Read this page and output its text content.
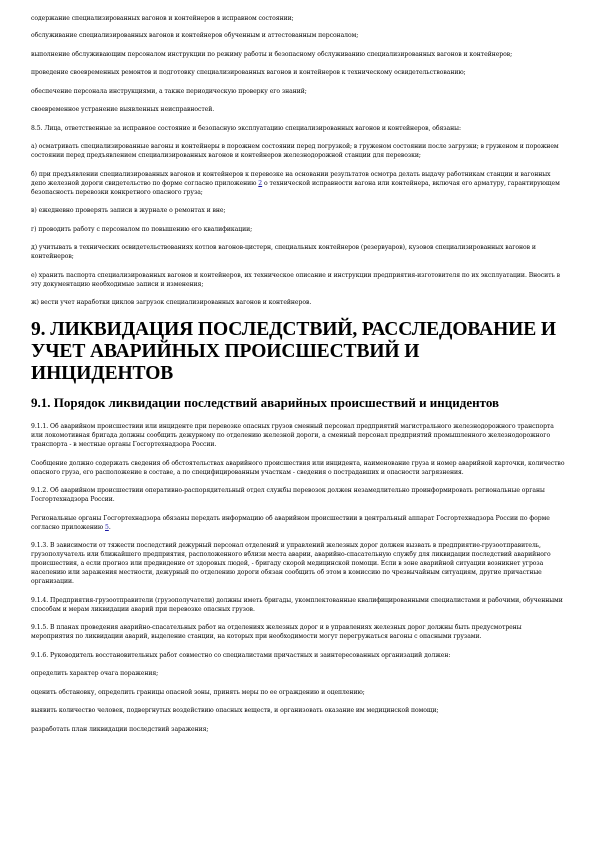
содержание специализированных вагонов и контейнеров в исправном состоянии;

обслуживание специализированных вагонов и контейнеров обученным и аттестованным персоналом;

выполнение обслуживающим персоналом инструкции по режиму работы и безопасному обслуживанию специализированных вагонов и контейнеров;

проведение своевременных ремонтов и подготовку специализированных вагонов и контейнеров к техническому освидетельствованию;

обеспечение персонала инструкциями, а также периодическую проверку его знаний;

своевременное устранение выявленных неисправностей.

8.5. Лица, ответственные за исправное состояние и безопасную эксплуатацию специализированных вагонов и контейнеров, обязаны:

а) осматривать специализированные вагоны и контейнеры в порожнем состоянии перед погрузкой; в груженом состоянии после загрузки; в груженом и порожнем состоянии перед предъявлением специализированных вагонов и контейнеров железнодорожной станции для перевозки;

б) при предъявлении специализированных вагонов и контейнеров к перевозке на основании результатов осмотра делать выдачу работникам станции и вагонных депо железной дороги свидетельство по форме согласно приложению 2 о технической исправности вагона или контейнера, включая его арматуру, гарантирующем безопасность перевозки конкретного опасного груза;

в) ежедневно проверять записи в журнале о ремонтах и вне;

г) проводить работу с персоналом по повышению его квалификации;

д) учитывать в технических освидетельствованиях котлов вагонов-цистерн, специальных контейнеров (резервуаров), кузовов специализированных вагонов и контейнеров;

е) хранить паспорта специализированных вагонов и контейнеров, их техническое описание и инструкции предприятия-изготовителя по их эксплуатации. Вносить в эту документацию необходимые записи и изменения;

ж) вести учет наработки циклов загрузок специализированных вагонов и контейнеров.

9. ЛИКВИДАЦИЯ ПОСЛЕДСТВИЙ, РАССЛЕДОВАНИЕ И УЧЕТ АВАРИЙНЫХ ПРОИСШЕСТВИЙ И ИНЦИДЕНТОВ
9.1. Порядок ликвидации последствий аварийных происшествий и инцидентов

9.1.1. Об аварийном происшествии или инциденте при перевозке опасных грузов сменный персонал предприятий магистрального железнодорожного транспорта или локомотивная бригада должны сообщить дежурному по отделению железной дороги, а сменный персонал предприятий промышленного железнодорожного транспорта - в местные органы Госгортехнадзора России.

Сообщение должно содержать сведения об обстоятельствах аварийного происшествия или инцидента, наименование груза и номер аварийной карточки, количество опасного груза, его расположение в составе, а по специфицированным участкам - сведения о пострадавших и опасности загрязнения.

9.1.2. Об аварийном происшествии оперативно-распорядительный отдел службы перевозок должен незамедлительно проинформировать региональные органы Госгортехнадзора России.

Региональные органы Госгортехнадзора обязаны передать информацию об аварийном происшествии в центральный аппарат Госгортехнадзора России по форме согласно приложению 5.

9.1.3. В зависимости от тяжести последствий дежурный персонал отделений и управлений железных дорог должен вызвать в предприятие-грузоотправитель, грузополучатель или ближайшего предприятия, расположенного вблизи места аварии, аварийно-спасательную службу для ликвидации последствий аварийного происшествия, а если прогноз или предвидение от здоровых людей, - бригаду скорой медицинской помощи. Если в зоне аварийной ситуации возникнет угроза населению или заражения местности, дежурный по отделению дороги обязан сообщить об этом в комиссию по чрезвычайным ситуациям, другие причастные организации.

9.1.4. Предприятия-грузоотправители (грузополучатели) должны иметь бригады, укомплектованные квалифицированными специалистами и рабочими, обученными способам и мерам ликвидации аварий при перевозке опасных грузов.

9.1.5. В планах проведения аварийно-спасательных работ на отделениях железных дорог и в управлениях железных дорог должны быть предусмотрены мероприятия по ликвидации аварий, выделение станции, на которых при необходимости могут перегружаться вагоны с опасными грузами.

9.1.6. Руководитель восстановительных работ совместно со специалистами причастных и заинтересованных организаций должен:

определить характер очага поражения;

оценить обстановку, определить границы опасной зоны, принять меры по ее ограждению и оцеплению;

выявить количество человек, подвергнутых воздействию опасных веществ, и организовать оказание им медицинской помощи;

разработать план ликвидации последствий заражения;
